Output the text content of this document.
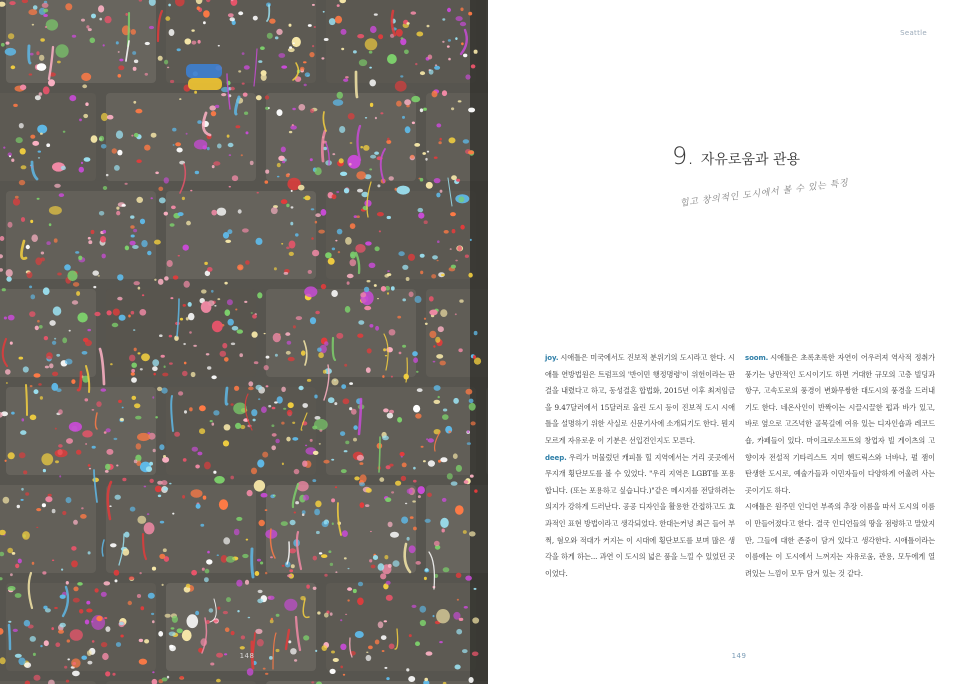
148
Seattle
9. 자유로움과 관용
힙고 창의적인 도시에서 볼 수 있는 특징

joy. 시애틀은 미국에서도 진보적 분위기의 도시라고 한다. 시애틀 연방법원은 트럼프의 '반이민 행정명령'이 위헌이라는 판결을 내렸다고 하고, 동성결혼 합법화, 2015년 이후 최저임금을 9.47달러에서 15달러로 올린 도시 등이 진보적 도시 시애틀을 설명하기 위한 사실로 신문기사에 소개되기도 한다. 뭔지 모르게 자유로운 이 기분은 선입견인지도 모른다.

deep. 우리가 머물렀던 캐피톨 힐 지역에서는 거리 곳곳에서 무지개 횡단보도를 볼 수 있었다. "우리 지역은 LGBT를 포용합니다. (또는 포용하고 싶습니다.)"같은 메시지를 전달하려는 의지가 강하게 드러난다. 공공 디자인을 활용한 간접하고도 효과적인 표현 방법이라고 생각되었다. 한대는커녕 최근 들어 부쩍, 혐오와 적대가 커지는 이 시대에 횡단보도를 보며 많은 생각을 하게 하는... 과연 이 도시의 넓은 품을 느낄 수 있었던 곳이었다.

soom. 시애틀은 초록초록한 자연이 어우러져 역사적 정취가 풍기는 낭만적인 도시이기도 하면 거대한 규모의 고층 빌딩과 항구, 고속도로의 풍경이 변화무쌍한 대도시의 풍경을 드러내기도 한다. 네온사인이 반짝이는 시끌시끌한 펍과 바가 있고, 바로 옆으로 고즈넉한 골목길에 여유 있는 디자인숍과 레코드숍, 카페들이 있다. 마이크로소프트의 창업자 빌 게이츠의 고향이자 전설적 기타리스트 지미 헨드릭스와 너바나, 펄 잼이 탄생한 도시로, 예술가들과 이민자들이 다양하게 어울려 사는 곳이기도 하다.

시애틀은 원주민 인디언 부족의 추장 이름을 따서 도시의 이름이 만들어졌다고 한다. 결국 인디언들의 땅을 점령하고 말았지만, 그들에 대한 존중이 담겨 있다고 생각한다. 시애틀이라는 이름에는 이 도시에서 느껴지는 자유로움, 관용, 모두에게 열려있는 느낌이 모두 담겨 있는 것 같다.

149
